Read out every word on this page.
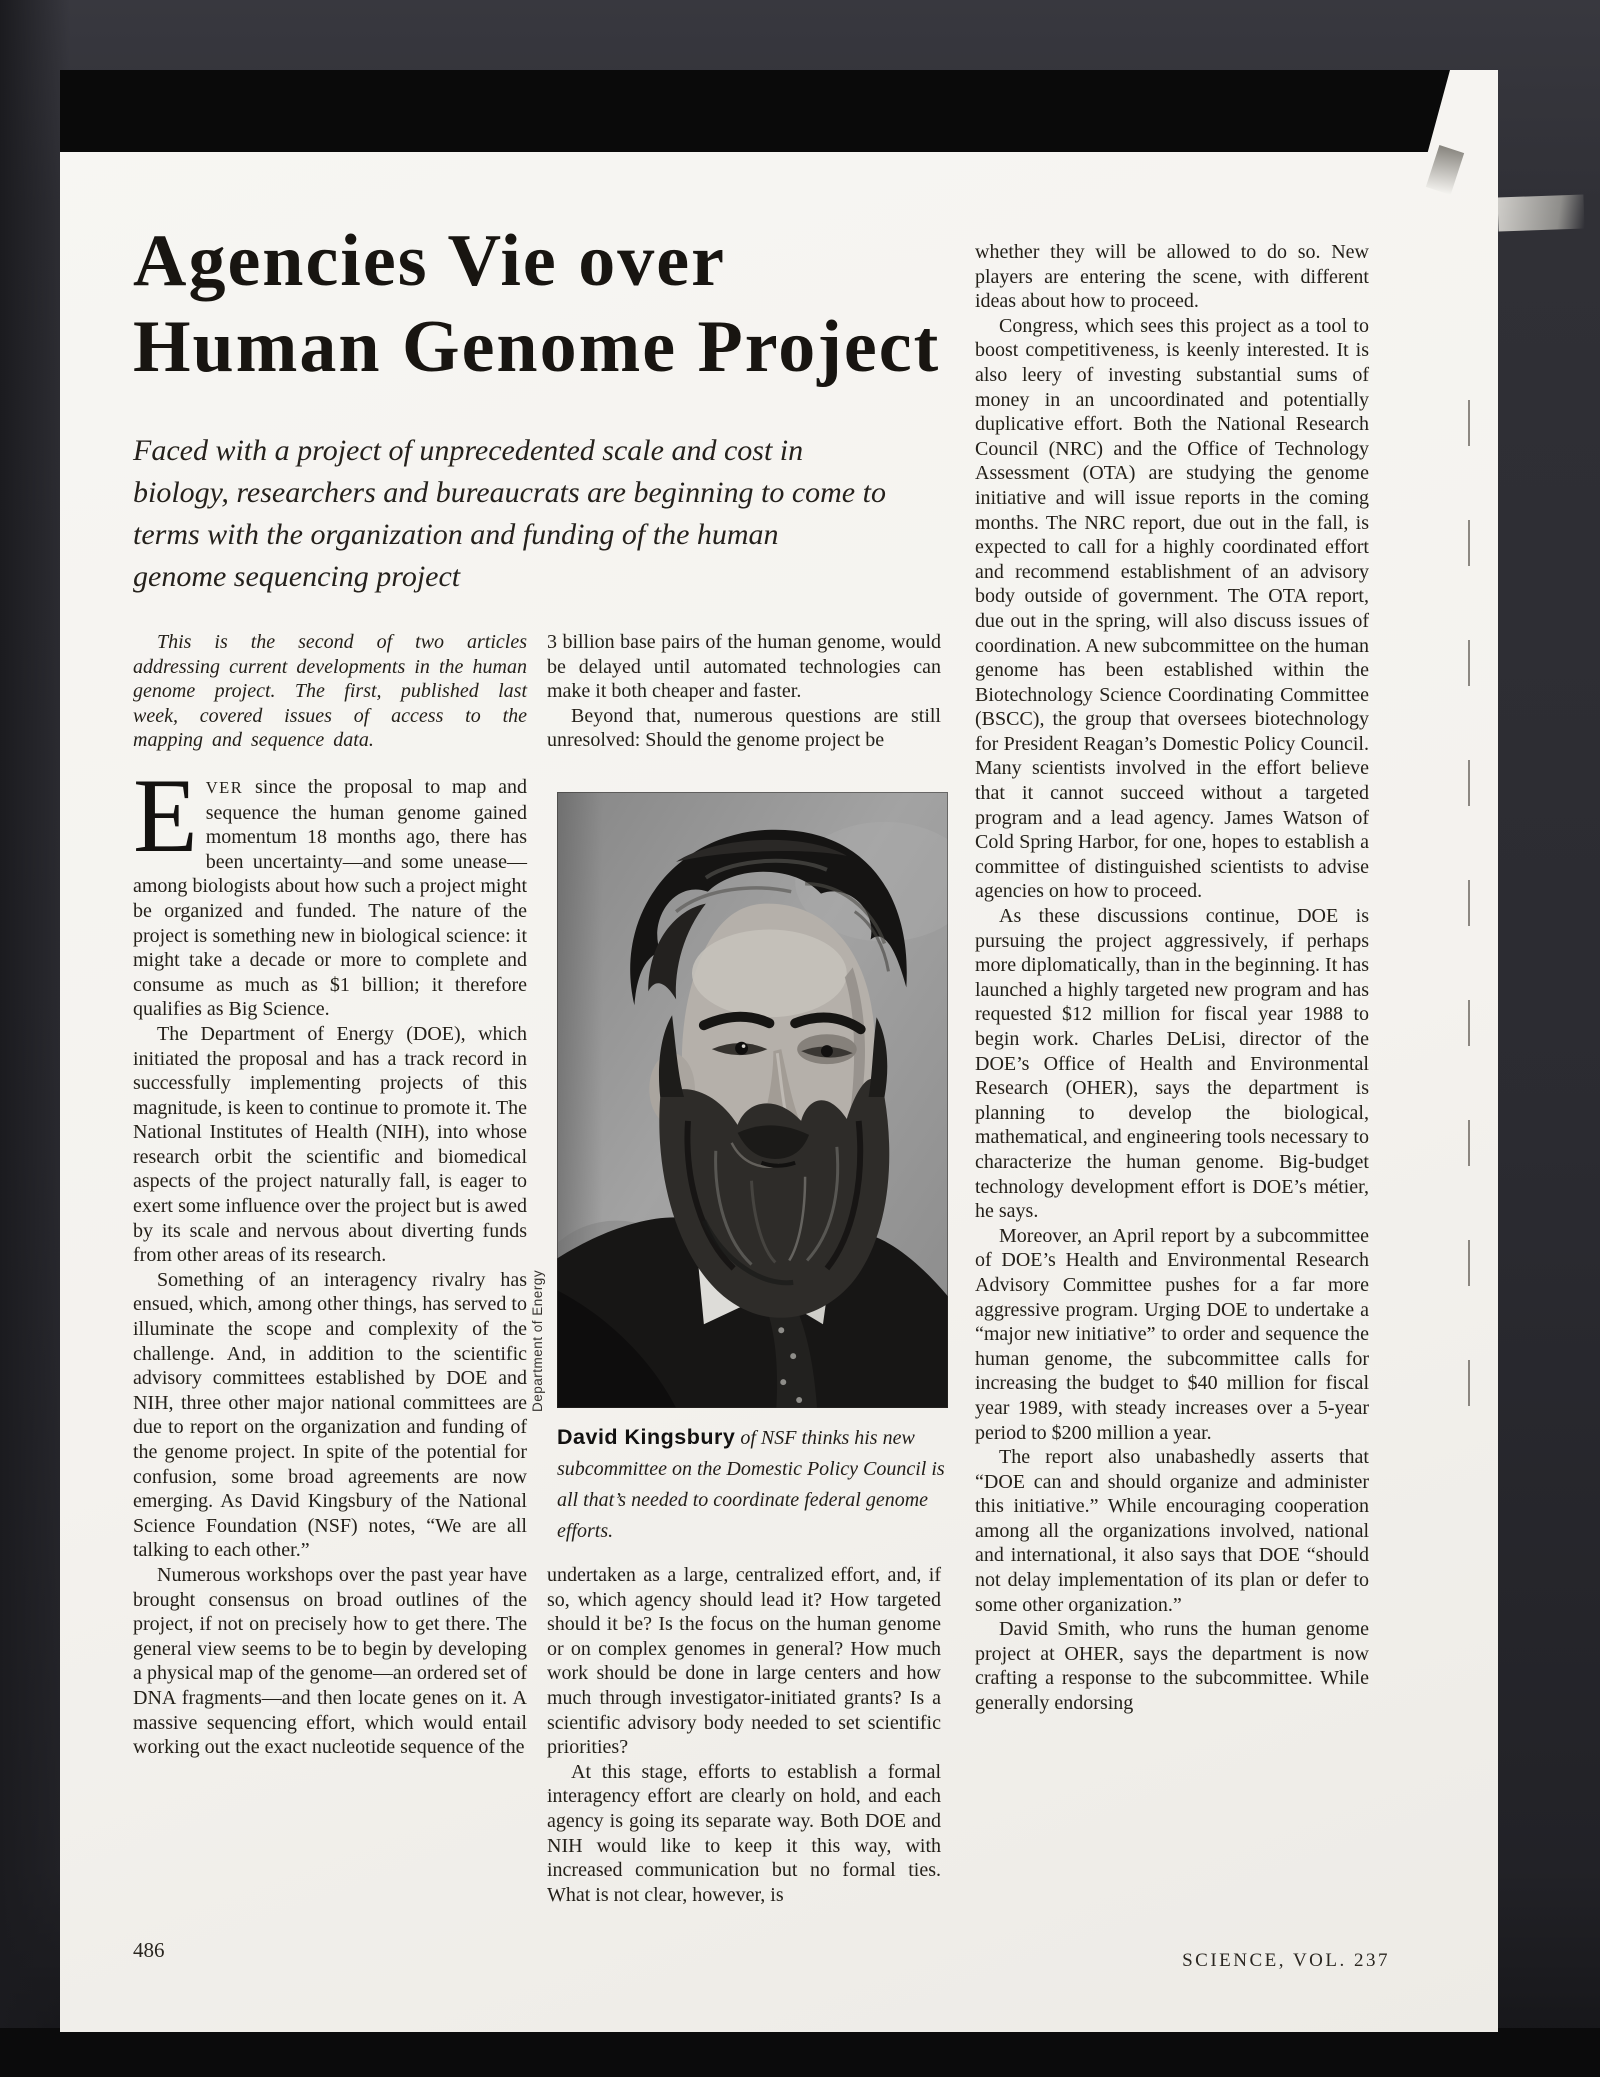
Agencies Vie over
Human Genome Project
Faced with a project of unprecedented scale and cost in
biology, researchers and bureaucrats are beginning to come to
terms with the organization and funding of the human
genome sequencing project

This is the second of two articles addressing current developments in the human genome project. The first, published last week, covered issues of access to the mapping and sequence data.

EVER since the proposal to map and sequence the human genome gained momentum 18 months ago, there has been uncertainty—and some unease—among biologists about how such a project might be organized and funded. The nature of the project is something new in biological science: it might take a decade or more to complete and consume as much as $1 billion; it therefore qualifies as Big Science.

The Department of Energy (DOE), which initiated the proposal and has a track record in successfully implementing projects of this magnitude, is keen to continue to promote it. The National Institutes of Health (NIH), into whose research orbit the scientific and biomedical aspects of the project naturally fall, is eager to exert some influence over the project but is awed by its scale and nervous about diverting funds from other areas of its research.

Something of an interagency rivalry has ensued, which, among other things, has served to illuminate the scope and complexity of the challenge. And, in addition to the scientific advisory committees established by DOE and NIH, three other major national committees are due to report on the organization and funding of the genome project. In spite of the potential for confusion, some broad agreements are now emerging. As David Kingsbury of the National Science Foundation (NSF) notes, “We are all talking to each other.”

Numerous workshops over the past year have brought consensus on broad outlines of the project, if not on precisely how to get there. The general view seems to be to begin by developing a physical map of the genome—an ordered set of DNA fragments—and then locate genes on it. A massive sequencing effort, which would entail working out the exact nucleotide sequence of the

3 billion base pairs of the human genome, would be delayed until automated technologies can make it both cheaper and faster.

Beyond that, numerous questions are still unresolved: Should the genome project be

Department of Energy
David Kingsbury of NSF thinks his new subcommittee on the Domestic Policy Council is all that’s needed to coordinate federal genome efforts.

undertaken as a large, centralized effort, and, if so, which agency should lead it? How targeted should it be? Is the focus on the human genome or on complex genomes in general? How much work should be done in large centers and how much through investigator-initiated grants? Is a scientific advisory body needed to set scientific priorities?

At this stage, efforts to establish a formal interagency effort are clearly on hold, and each agency is going its separate way. Both DOE and NIH would like to keep it this way, with increased communication but no formal ties. What is not clear, however, is

whether they will be allowed to do so. New players are entering the scene, with different ideas about how to proceed.

Congress, which sees this project as a tool to boost competitiveness, is keenly interested. It is also leery of investing substantial sums of money in an uncoordinated and potentially duplicative effort. Both the National Research Council (NRC) and the Office of Technology Assessment (OTA) are studying the genome initiative and will issue reports in the coming months. The NRC report, due out in the fall, is expected to call for a highly coordinated effort and recommend establishment of an advisory body outside of government. The OTA report, due out in the spring, will also discuss issues of coordination. A new subcommittee on the human genome has been established within the Biotechnology Science Coordinating Committee (BSCC), the group that oversees biotechnology for President Reagan’s Domestic Policy Council. Many scientists involved in the effort believe that it cannot succeed without a targeted program and a lead agency. James Watson of Cold Spring Harbor, for one, hopes to establish a committee of distinguished scientists to advise agencies on how to proceed.

As these discussions continue, DOE is pursuing the project aggressively, if perhaps more diplomatically, than in the beginning. It has launched a highly targeted new program and has requested $12 million for fiscal year 1988 to begin work. Charles DeLisi, director of the DOE’s Office of Health and Environmental Research (OHER), says the department is planning to develop the biological, mathematical, and engineering tools necessary to characterize the human genome. Big-budget technology development effort is DOE’s métier, he says.

Moreover, an April report by a subcommittee of DOE’s Health and Environmental Research Advisory Committee pushes for a far more aggressive program. Urging DOE to undertake a “major new initiative” to order and sequence the human genome, the subcommittee calls for increasing the budget to $40 million for fiscal year 1989, with steady increases over a 5-year period to $200 million a year.

The report also unabashedly asserts that “DOE can and should organize and administer this initiative.” While encouraging cooperation among all the organizations involved, national and international, it also says that DOE “should not delay implementation of its plan or defer to some other organization.”

David Smith, who runs the human genome project at OHER, says the department is now crafting a response to the subcommittee. While generally endorsing

486	SCIENCE, VOL. 237
